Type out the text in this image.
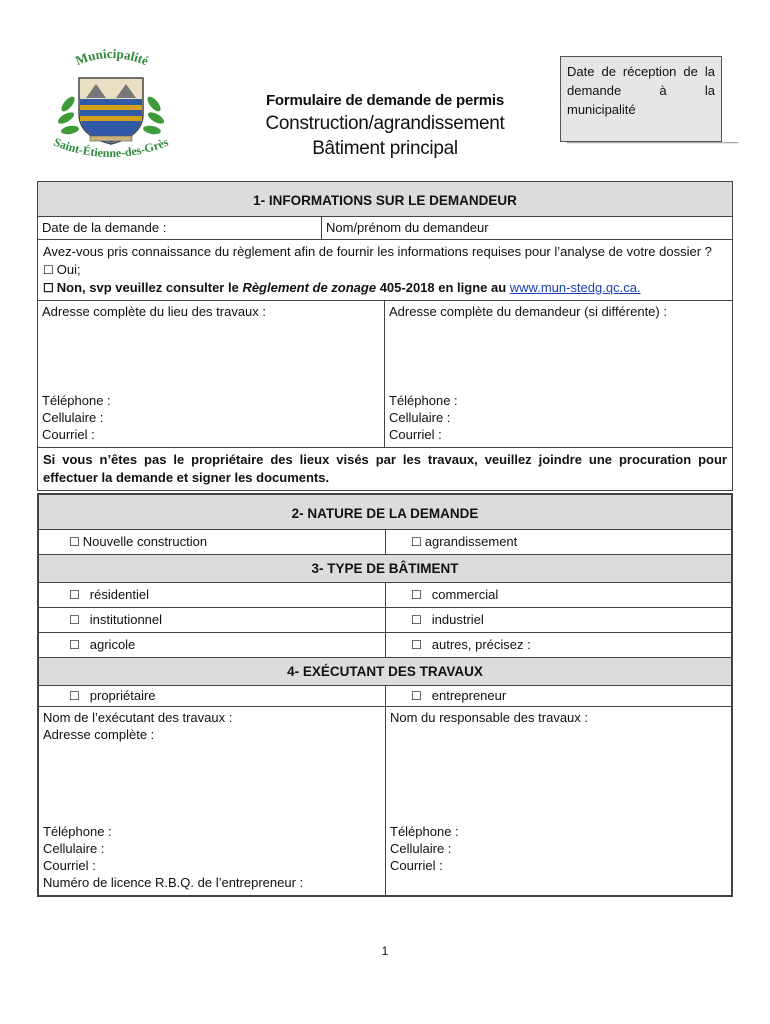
Municipalité
Saint-Étienne-des-Grès
Formulaire de demande de permis
Construction/agrandissement
Bâtiment principal
Date de réception de la demande à la municipalité
____________________________
1- INFORMATIONS SUR LE DEMANDEUR
Date de la demande :	Nom/prénom du demandeur
Avez-vous pris connaissance du règlement afin de fournir les informations requises pour l’analyse de votre dossier ?
☐ Oui;
☐ Non, svp veuillez consulter le Règlement de zonage 405-2018 en ligne au www.mun-stedg.qc.ca.
Adresse complète du lieu des travaux :
Téléphone :
Cellulaire :
Courriel :
Adresse complète du demandeur (si différente) :
Téléphone :
Cellulaire :
Courriel :
Si vous n’êtes pas le propriétaire des lieux visés par les travaux, veuillez joindre une procuration pour effectuer la demande et signer les documents.
2- NATURE DE LA DEMANDE
☐ Nouvelle construction	☐ agrandissement
3- TYPE DE BÂTIMENT
☐ résidentiel	☐ commercial
☐ institutionnel	☐ industriel
☐ agricole	☐ autres, précisez :
4- EXÉCUTANT DES TRAVAUX
☐ propriétaire	☐ entrepreneur
Nom de l’exécutant des travaux :
Adresse complète :
Téléphone :
Cellulaire :
Courriel :
Numéro de licence R.B.Q. de l’entrepreneur :
Nom du responsable des travaux :
Téléphone :
Cellulaire :
Courriel :
1
